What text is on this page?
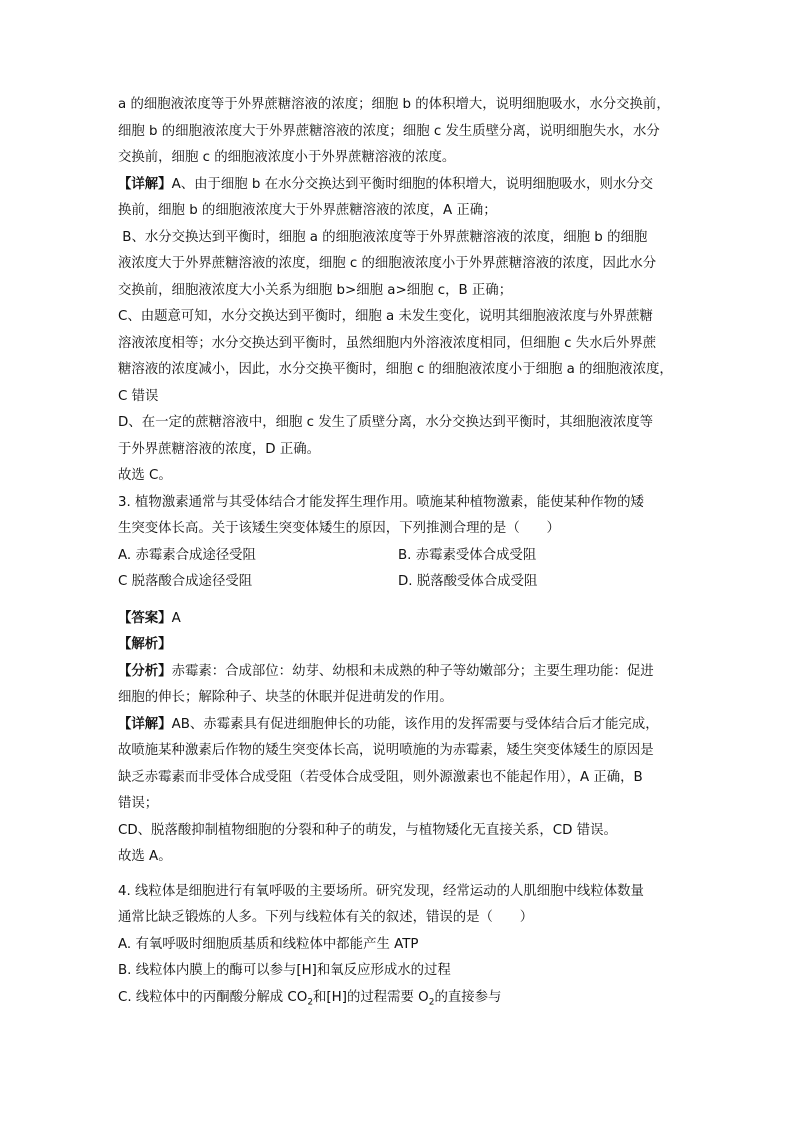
a 的细胞液浓度等于外界蔗糖溶液的浓度；细胞 b 的体积增大，说明细胞吸水，水分交换前，
细胞 b 的细胞液浓度大于外界蔗糖溶液的浓度；细胞 c 发生质壁分离，说明细胞失水，水分
交换前，细胞 c 的细胞液浓度小于外界蔗糖溶液的浓度。
【详解】A、由于细胞 b 在水分交换达到平衡时细胞的体积增大，说明细胞吸水，则水分交
换前，细胞 b 的细胞液浓度大于外界蔗糖溶液的浓度，A 正确；
B、水分交换达到平衡时，细胞 a 的细胞液浓度等于外界蔗糖溶液的浓度，细胞 b 的细胞
液浓度大于外界蔗糖溶液的浓度，细胞 c 的细胞液浓度小于外界蔗糖溶液的浓度，因此水分
交换前，细胞液浓度大小关系为细胞 b>细胞 a>细胞 c，B 正确；
C、由题意可知，水分交换达到平衡时，细胞 a 未发生变化，说明其细胞液浓度与外界蔗糖
溶液浓度相等；水分交换达到平衡时，虽然细胞内外溶液浓度相同，但细胞 c 失水后外界蔗
糖溶液的浓度减小，因此，水分交换平衡时，细胞 c 的细胞液浓度小于细胞 a 的细胞液浓度，
C 错误
D、在一定的蔗糖溶液中，细胞 c 发生了质壁分离，水分交换达到平衡时，其细胞液浓度等
于外界蔗糖溶液的浓度，D 正确。
故选 C。
3. 植物激素通常与其受体结合才能发挥生理作用。喷施某种植物激素，能使某种作物的矮
生突变体长高。关于该矮生突变体矮生的原因，下列推测合理的是（　　）
A. 赤霉素合成途径受阻	B. 赤霉素受体合成受阻
C 脱落酸合成途径受阻	D. 脱落酸受体合成受阻
【答案】A
【解析】
【分析】赤霉素：合成部位：幼芽、幼根和未成熟的种子等幼嫩部分；主要生理功能：促进
细胞的伸长；解除种子、块茎的休眠并促进萌发的作用。
【详解】AB、赤霉素具有促进细胞伸长的功能，该作用的发挥需要与受体结合后才能完成，
故喷施某种激素后作物的矮生突变体长高，说明喷施的为赤霉素，矮生突变体矮生的原因是
缺乏赤霉素而非受体合成受阻（若受体合成受阻，则外源激素也不能起作用），A 正确，B
错误；
CD、脱落酸抑制植物细胞的分裂和种子的萌发，与植物矮化无直接关系，CD 错误。
故选 A。
4. 线粒体是细胞进行有氧呼吸的主要场所。研究发现，经常运动的人肌细胞中线粒体数量
通常比缺乏锻炼的人多。下列与线粒体有关的叙述，错误的是（　　）
A. 有氧呼吸时细胞质基质和线粒体中都能产生 ATP
B. 线粒体内膜上的酶可以参与[H]和氧反应形成水的过程
C. 线粒体中的丙酮酸分解成 $CO_2$和[H]的过程需要 $O_2$的直接参与
